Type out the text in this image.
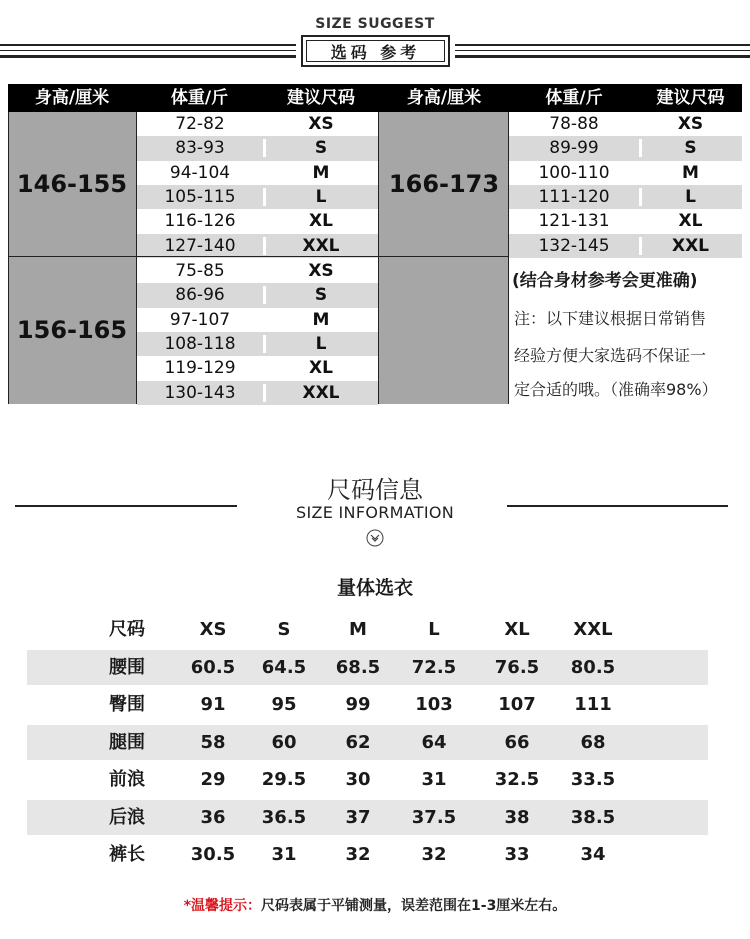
SIZE SUGGEST
选码 参考
身高/厘米	体重/斤	建议尺码	身高/厘米	体重/斤	建议尺码
146-155
72-82	XS
83-93	S
94-104	M
105-115	L
116-126	XL
127-140	XXL
166-173
78-88	XS
89-99	S
100-110	M
111-120	L
121-131	XL
132-145	XXL
156-165
75-85	XS
86-96	S
97-107	M
108-118	L
119-129	XL
130-143	XXL
(结合身材参考会更准确)
注：以下建议根据日常销售
经验方便大家选码不保证一
定合适的哦。（准确率98%）
尺码信息
SIZE INFORMATION
量体选衣
尺码	XS	S	M	L	XL	XXL
腰围	60.5	64.5	68.5	72.5	76.5	80.5
臀围	91	95	99	103	107	111
腿围	58	60	62	64	66	68
前浪	29	29.5	30	31	32.5	33.5
后浪	36	36.5	37	37.5	38	38.5
裤长	30.5	31	32	32	33	34
*温馨提示：尺码表属于平铺测量，误差范围在1-3厘米左右。
